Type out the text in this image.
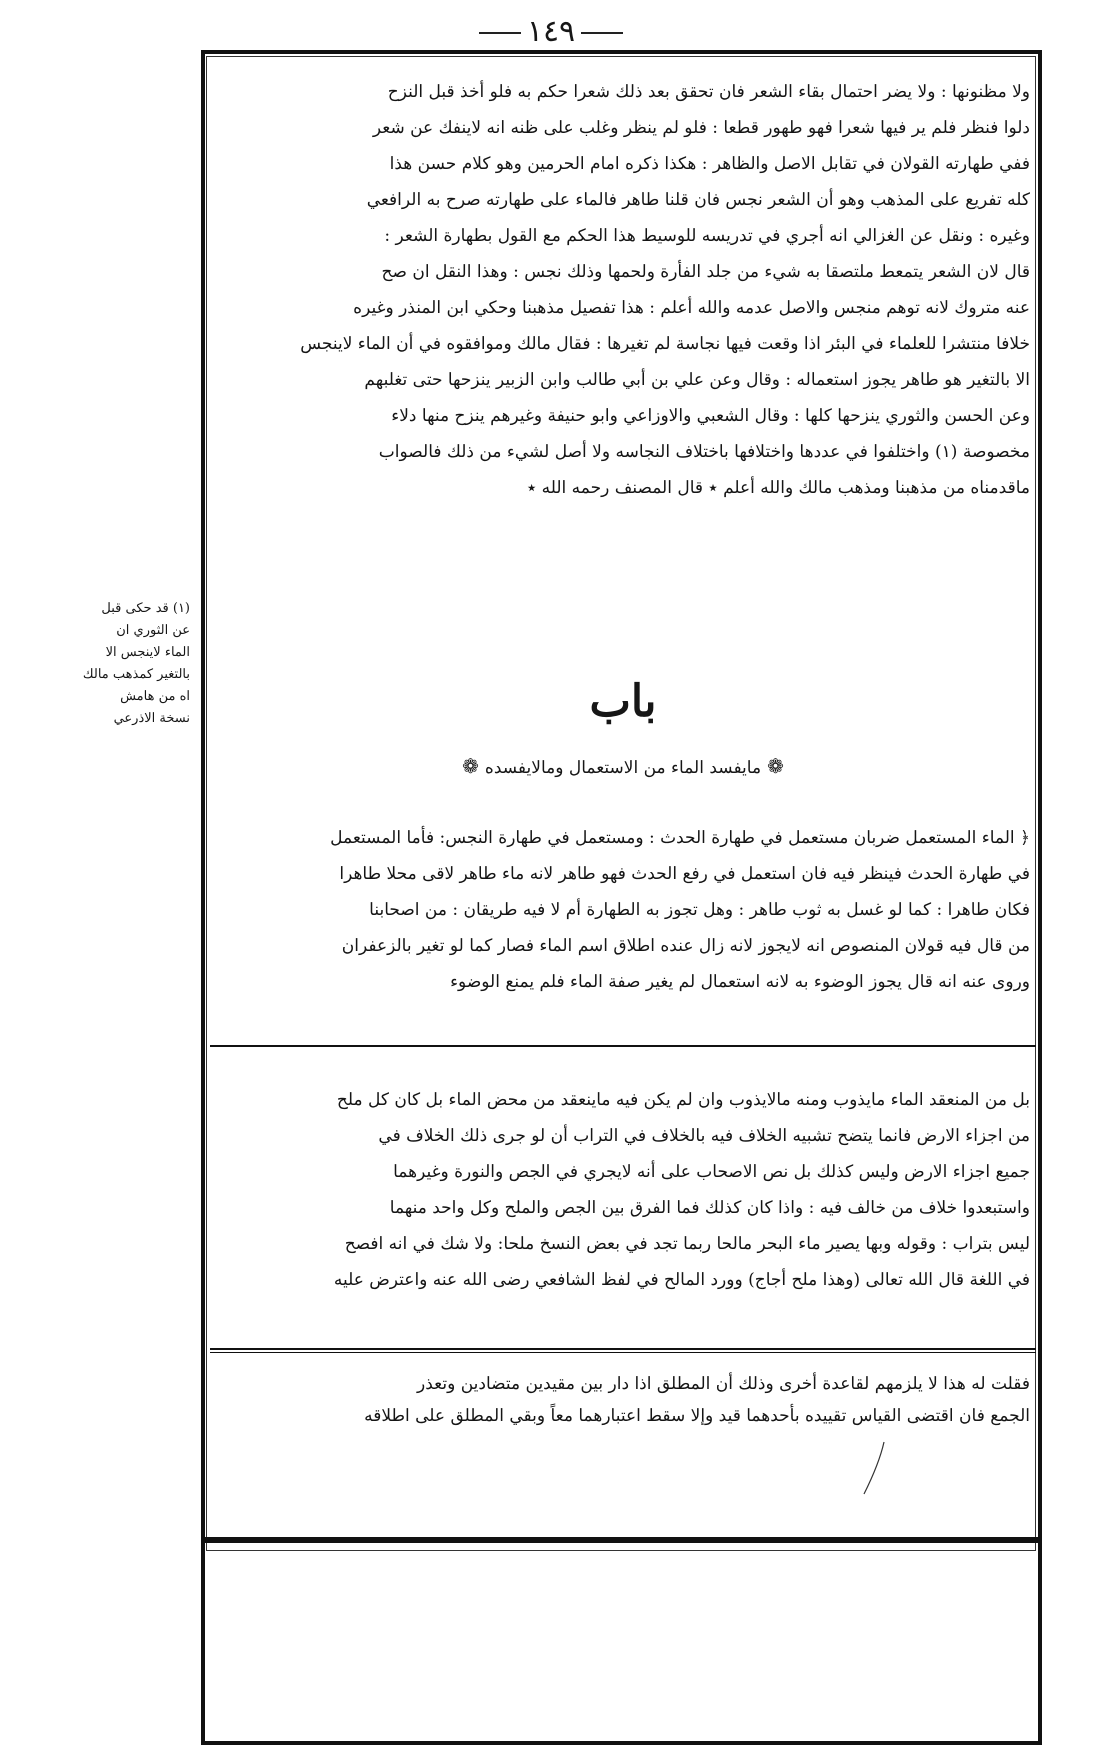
١٤٩

ولا مظنونها : ولا يضر احتمال بقاء الشعر فان تحقق بعد ذلك شعرا حكم به فلو أخذ قبل النزح

دلوا فنظر فلم ير فيها شعرا فهو طهور قطعا : فلو لم ينظر وغلب على ظنه انه لاينفك عن شعر

ففي طهارته القولان في تقابل الاصل والظاهر : هكذا ذكره امام الحرمين وهو كلام حسن هذا

كله تفريع على المذهب وهو أن الشعر نجس فان قلنا طاهر فالماء على طهارته صرح به الرافعي

وغيره : ونقل عن الغزالي انه أجري في تدريسه للوسيط هذا الحكم مع القول بطهارة الشعر :

قال لان الشعر يتمعط ملتصقا به شيء من جلد الفأرة ولحمها وذلك نجس : وهذا النقل ان صح

عنه متروك لانه توهم منجس والاصل عدمه والله أعلم : هذا تفصيل مذهبنا وحكي ابن المنذر وغيره

خلافا منتشرا للعلماء في البئر اذا وقعت فيها نجاسة لم تغيرها : فقال مالك وموافقوه في أن الماء لاينجس

الا بالتغير هو طاهر يجوز استعماله : وقال وعن علي بن أبي طالب وابن الزبير ينزحها حتى تغلبهم

وعن الحسن والثوري ينزحها كلها : وقال الشعبي والاوزاعي وابو حنيفة وغيرهم ينزح منها دلاء

مخصوصة (١) واختلفوا في عددها واختلافها باختلاف النجاسه ولا أصل لشيء من ذلك فالصواب

ماقدمناه من مذهبنا ومذهب مالك والله أعلم ٭ قال المصنف رحمه الله ٭

(١) قد حكى قبل
عن الثوري ان
الماء لاينجس الا
بالتغير كمذهب مالك
اه من هامش
نسخة الاذرعي	باب
❁مايفسد الماء من الاستعمال ومالايفسده❁

﴿ الماء المستعمل ضربان مستعمل في طهارة الحدث : ومستعمل في طهارة النجس: فأما المستعمل

في طهارة الحدث فينظر فيه فان استعمل في رفع الحدث فهو طاهر لانه ماء طاهر لاقى محلا طاهرا

فكان طاهرا : كما لو غسل به ثوب طاهر : وهل تجوز به الطهارة أم لا فيه طريقان : من اصحابنا

من قال فيه قولان المنصوص انه لايجوز لانه زال عنده اطلاق اسم الماء فصار كما لو تغير بالزعفران

وروى عنه انه قال يجوز الوضوء به لانه استعمال لم يغير صفة الماء فلم يمنع الوضوء

بل من المنعقد الماء مايذوب ومنه مالايذوب وان لم يكن فيه ماينعقد من محض الماء بل كان كل ملح

من اجزاء الارض فانما يتضح تشبيه الخلاف فيه بالخلاف في التراب أن لو جرى ذلك الخلاف في

جميع اجزاء الارض وليس كذلك بل نص الاصحاب على أنه لايجري في الجص والنورة وغيرهما

واستبعدوا خلاف من خالف فيه : واذا كان كذلك فما الفرق بين الجص والملح وكل واحد منهما

ليس بتراب : وقوله وبها يصير ماء البحر مالحا ربما تجد في بعض النسخ ملحا: ولا شك في انه افصح

في اللغة قال الله تعالى (وهذا ملح أجاج) وورد المالح في لفظ الشافعي رضى الله عنه واعترض عليه

فقلت له هذا لا يلزمهم لقاعدة أخرى وذلك أن المطلق اذا دار بين مقيدين متضادين وتعذر

الجمع فان اقتضى القياس تقييده بأحدهما قيد وإلا سقط اعتبارهما معاً وبقي المطلق على اطلاقه
